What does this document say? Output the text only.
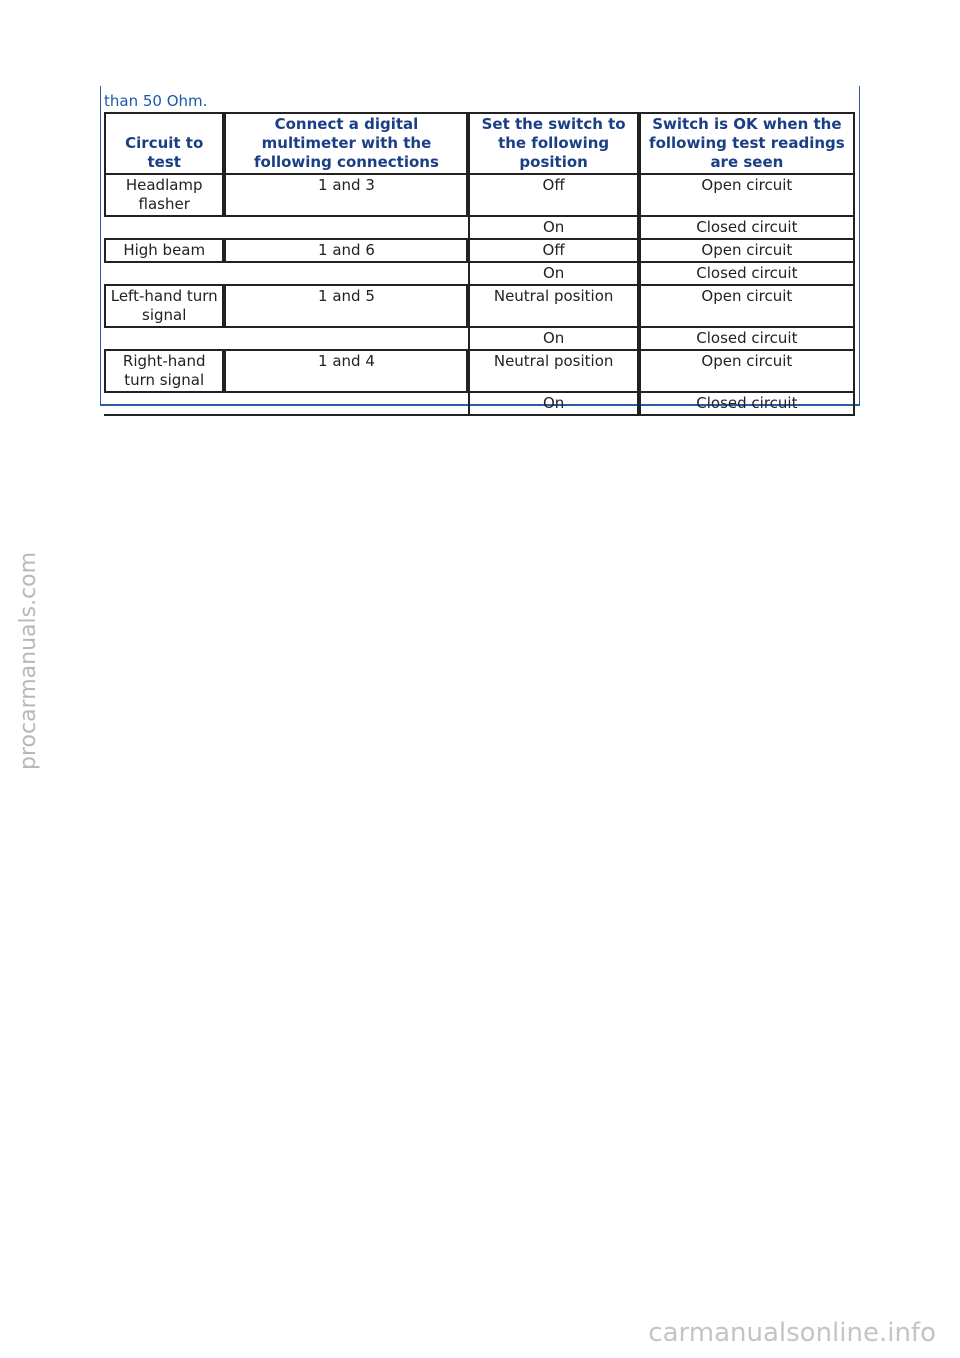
than 50 Ohm.
Circuit to test	Connect a digital multimeter with the following connections	Set the switch to the following position	Switch is OK when the following test readings are seen
Headlamp flasher	1 and 3	Off	Open circuit
		On	Closed circuit
High beam	1 and 6	Off	Open circuit
		On	Closed circuit
Left-hand turn signal	1 and 5	Neutral position	Open circuit
		On	Closed circuit
Right-hand turn signal	1 and 4	Neutral position	Open circuit
		On	Closed circuit
procarmanuals.com
carmanualsonline.info
